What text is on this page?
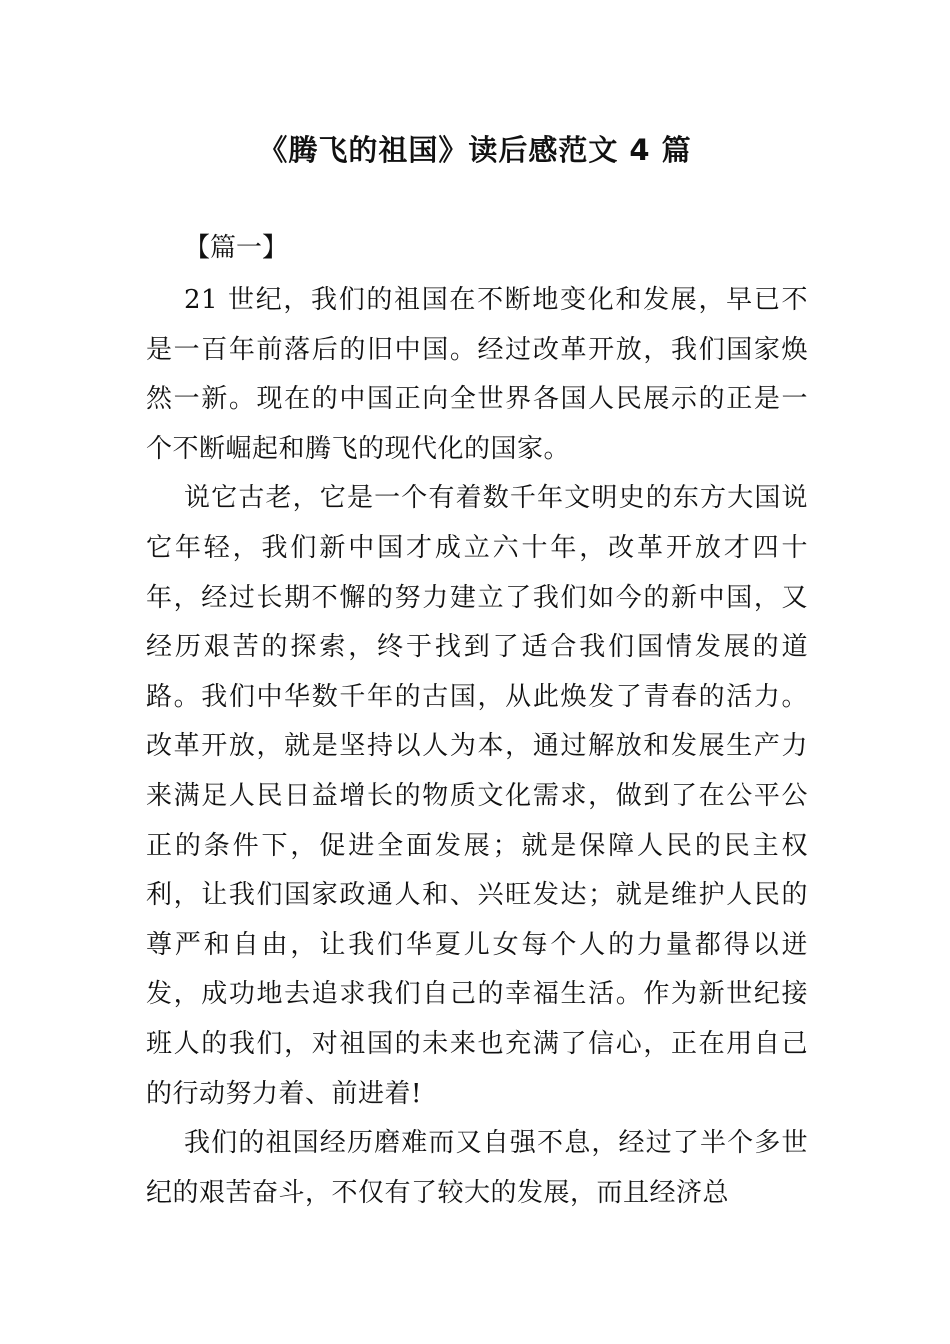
《腾飞的祖国》读后感范文 4 篇
【篇一】

21 世纪，我们的祖国在不断地变化和发展，早已不是一百年前落后的旧中国。经过改革开放，我们国家焕然一新。现在的中国正向全世界各国人民展示的正是一个不断崛起和腾飞的现代化的国家。

说它古老，它是一个有着数千年文明史的东方大国说它年轻，我们新中国才成立六十年，改革开放才四十年，经过长期不懈的努力建立了我们如今的新中国，又经历艰苦的探索，终于找到了适合我们国情发展的道路。我们中华数千年的古国，从此焕发了青春的活力。改革开放，就是坚持以人为本，通过解放和发展生产力来满足人民日益增长的物质文化需求，做到了在公平公正的条件下，促进全面发展；就是保障人民的民主权利，让我们国家政通人和、兴旺发达；就是维护人民的尊严和自由，让我们华夏儿女每个人的力量都得以迸发，成功地去追求我们自己的幸福生活。作为新世纪接班人的我们，对祖国的未来也充满了信心，正在用自己的行动努力着、前进着!

我们的祖国经历磨难而又自强不息，经过了半个多世纪的艰苦奋斗，不仅有了较大的发展，而且经济总
